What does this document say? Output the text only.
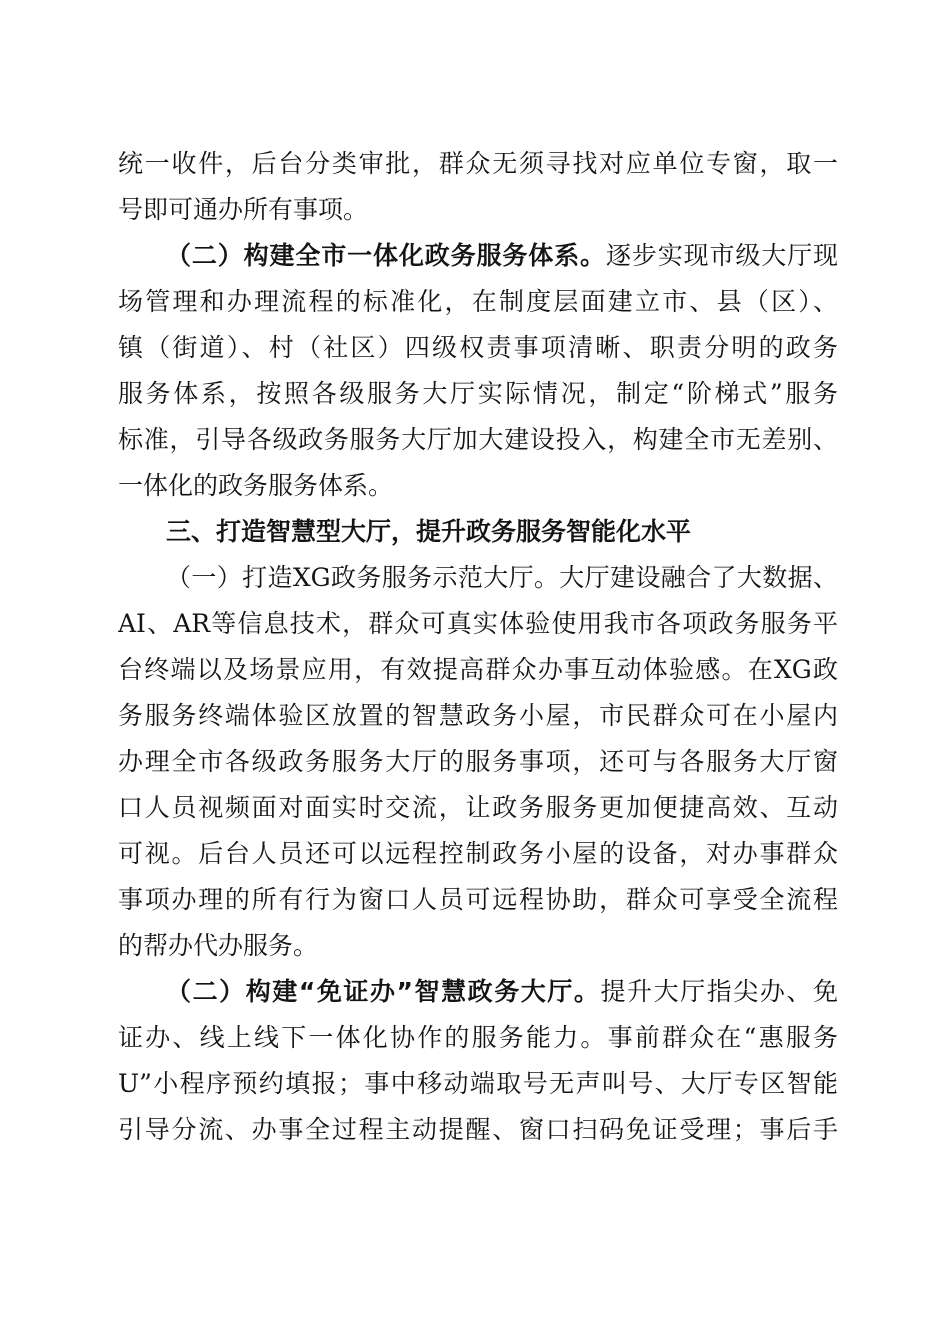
统一收件，后台分类审批，群众无须寻找对应单位专窗，取一
号即可通办所有事项。
（二）构建全市一体化政务服务体系。逐步实现市级大厅现
场管理和办理流程的标准化，在制度层面建立市、县（区）、
镇（街道）、村（社区）四级权责事项清晰、职责分明的政务
服务体系，按照各级服务大厅实际情况，制定“阶梯式”服务
标准，引导各级政务服务大厅加大建设投入，构建全市无差别、
一体化的政务服务体系。
三、打造智慧型大厅，提升政务服务智能化水平
（一）打造XG政务服务示范大厅。大厅建设融合了大数据、
AI、AR等信息技术，群众可真实体验使用我市各项政务服务平
台终端以及场景应用，有效提高群众办事互动体验感。在XG政
务服务终端体验区放置的智慧政务小屋，市民群众可在小屋内
办理全市各级政务服务大厅的服务事项，还可与各服务大厅窗
口人员视频面对面实时交流，让政务服务更加便捷高效、互动
可视。后台人员还可以远程控制政务小屋的设备，对办事群众
事项办理的所有行为窗口人员可远程协助，群众可享受全流程
的帮办代办服务。
（二）构建“免证办”智慧政务大厅。提升大厅指尖办、免
证办、线上线下一体化协作的服务能力。事前群众在“惠服务
U”小程序预约填报；事中移动端取号无声叫号、大厅专区智能
引导分流、办事全过程主动提醒、窗口扫码免证受理；事后手
